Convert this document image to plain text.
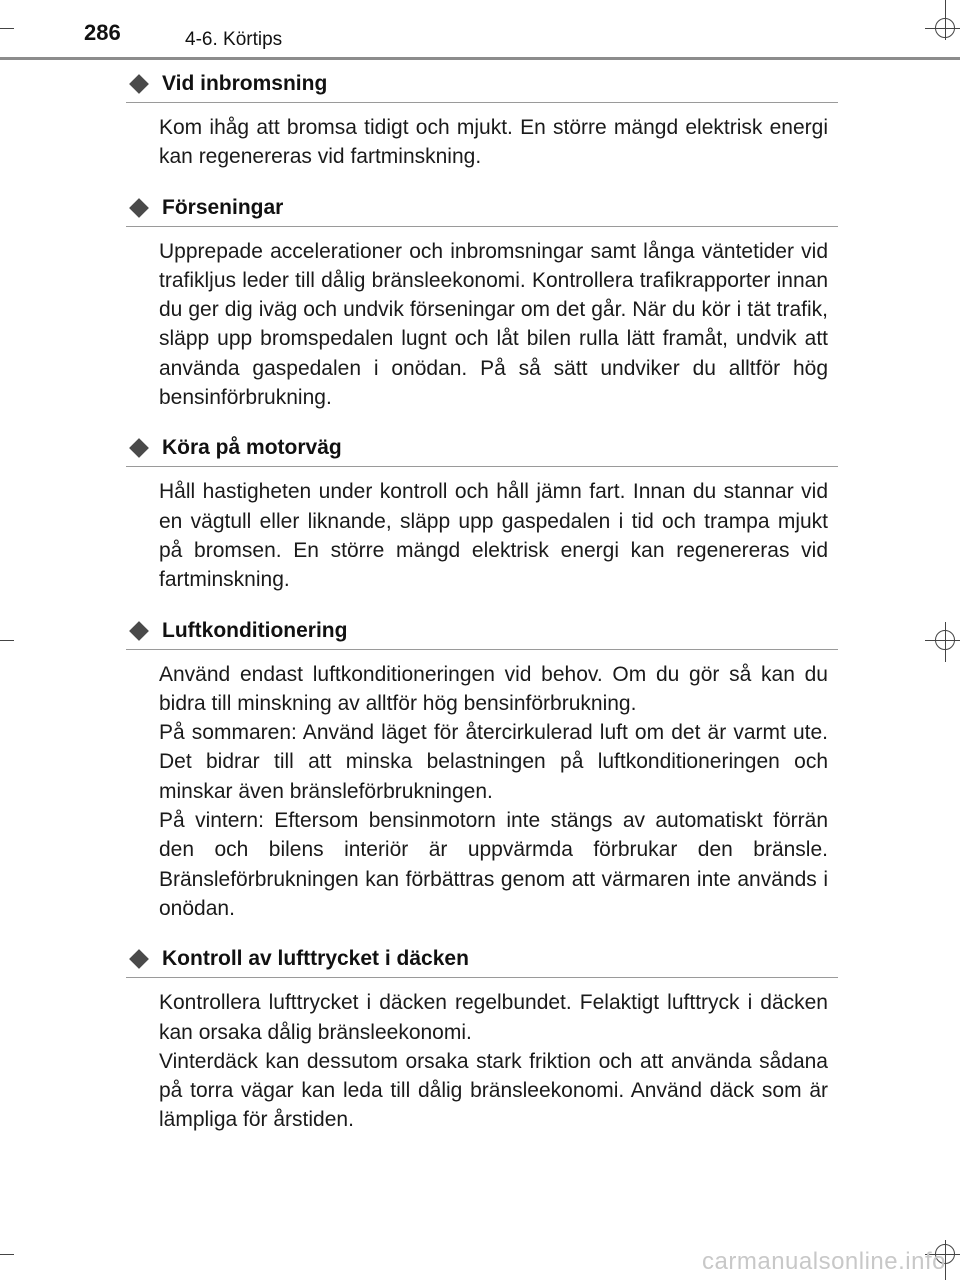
286	4-6. Körtips
Vid inbromsning

Kom ihåg att bromsa tidigt och mjukt. En större mängd elektrisk energi kan regenereras vid fartminskning.

Förseningar

Upprepade accelerationer och inbromsningar samt långa väntetider vid trafikljus leder till dålig bränsleekonomi. Kontrollera trafikrapporter innan du ger dig iväg och undvik förseningar om det går. När du kör i tät trafik, släpp upp bromspedalen lugnt och låt bilen rulla lätt framåt, undvik att använda gaspedalen i onödan. På så sätt undviker du alltför hög bensinförbrukning.

Köra på motorväg

Håll hastigheten under kontroll och håll jämn fart. Innan du stannar vid en vägtull eller liknande, släpp upp gaspedalen i tid och trampa mjukt på bromsen. En större mängd elektrisk energi kan regenereras vid fartminskning.

Luftkonditionering

Använd endast luftkonditioneringen vid behov. Om du gör så kan du bidra till minskning av alltför hög bensinförbrukning.

På sommaren: Använd läget för återcirkulerad luft om det är varmt ute. Det bidrar till att minska belastningen på luftkonditioneringen och minskar även bränsleförbrukningen.

På vintern: Eftersom bensinmotorn inte stängs av automatiskt förrän den och bilens interiör är uppvärmda förbrukar den bränsle. Bränsleförbrukningen kan förbättras genom att värmaren inte används i onödan.

Kontroll av lufttrycket i däcken

Kontrollera lufttrycket i däcken regelbundet. Felaktigt lufttryck i däcken kan orsaka dålig bränsleekonomi.

Vinterdäck kan dessutom orsaka stark friktion och att använda sådana på torra vägar kan leda till dålig bränsleekonomi. Använd däck som är lämpliga för årstiden.

carmanualsonline.info
